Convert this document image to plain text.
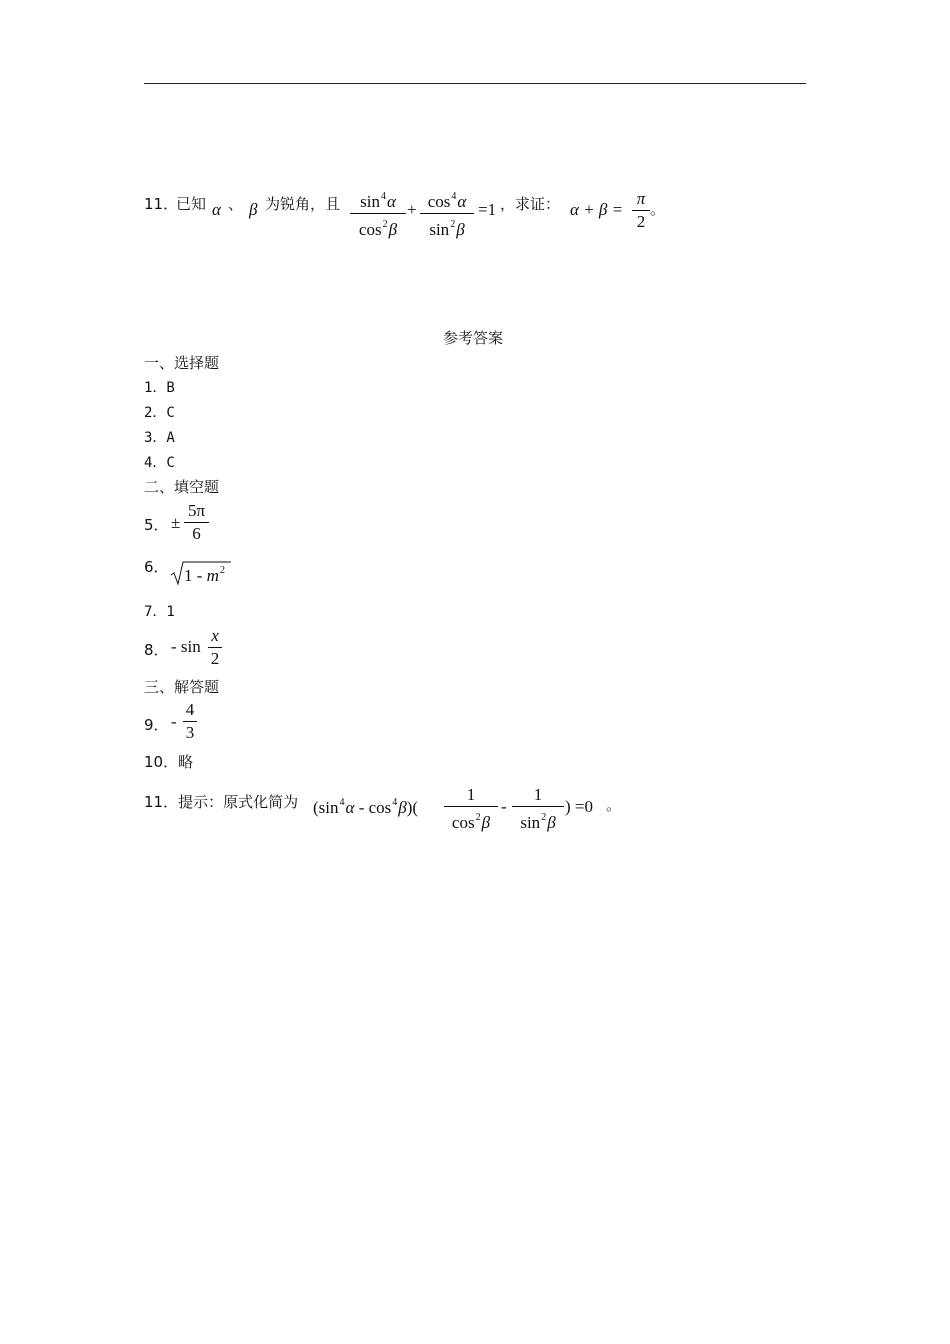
11．
已知 α 、 β 为锐角，且	$\sin^4\alpha$
$\cos^2\beta$
+ $\cos^4\alpha$
$\sin^2\beta$
=1 ，求证： α + β =
π
2
。
参考答案
一、选择题
1．B
2．C
3．A
4．C
二、填空题
5． ±
5π
6
6． $1 - m^2$
7．1
8． - sin
x
2
三、解答题
9． -
4
3
10．略
11．提示：原式化简为 $(\sin^4\alpha - \cos^4\beta)$(
1
$\cos^2\beta$
-
1
$\sin^2\beta$
) =0 。
